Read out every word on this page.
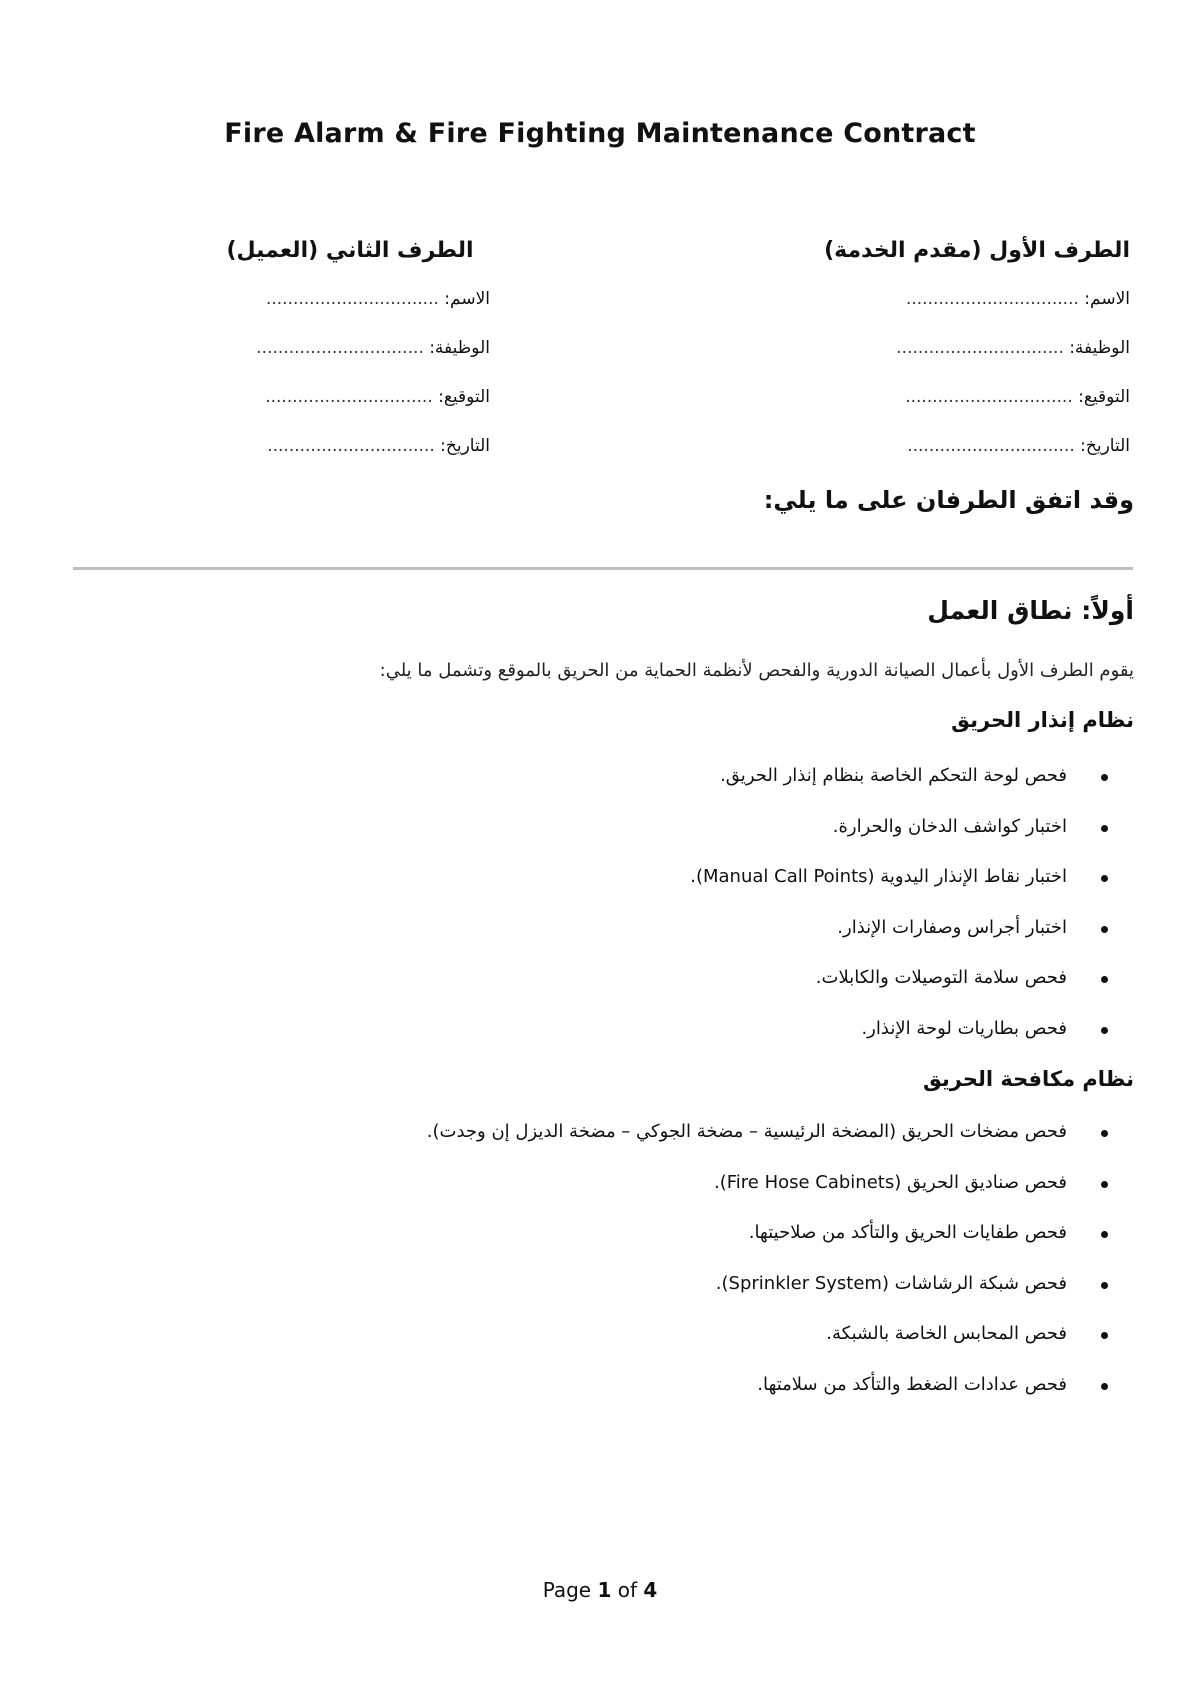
Fire Alarm & Fire Fighting Maintenance Contract
الطرف الأول (مقدم الخدمة)
الاسم: ................................
الوظيفة: ...............................
التوقيع: ...............................
التاريخ: ...............................
الطرف الثاني (العميل)
الاسم: ................................
الوظيفة: ...............................
التوقيع: ...............................
التاريخ: ...............................
وقد اتفق الطرفان على ما يلي:
أولاً: نطاق العمل
يقوم الطرف الأول بأعمال الصيانة الدورية والفحص لأنظمة الحماية من الحريق بالموقع وتشمل ما يلي:
نظام إنذار الحريق
فحص لوحة التحكم الخاصة بنظام إنذار الحريق.
اختبار كواشف الدخان والحرارة.
اختبار نقاط الإنذار اليدوية (Manual Call Points).
اختبار أجراس وصفارات الإنذار.
فحص سلامة التوصيلات والكابلات.
فحص بطاريات لوحة الإنذار.
نظام مكافحة الحريق
فحص مضخات الحريق (المضخة الرئيسية – مضخة الجوكي – مضخة الديزل إن وجدت).
فحص صناديق الحريق (Fire Hose Cabinets).
فحص طفايات الحريق والتأكد من صلاحيتها.
فحص شبكة الرشاشات (Sprinkler System).
فحص المحابس الخاصة بالشبكة.
فحص عدادات الضغط والتأكد من سلامتها.
Page 1 of 4
